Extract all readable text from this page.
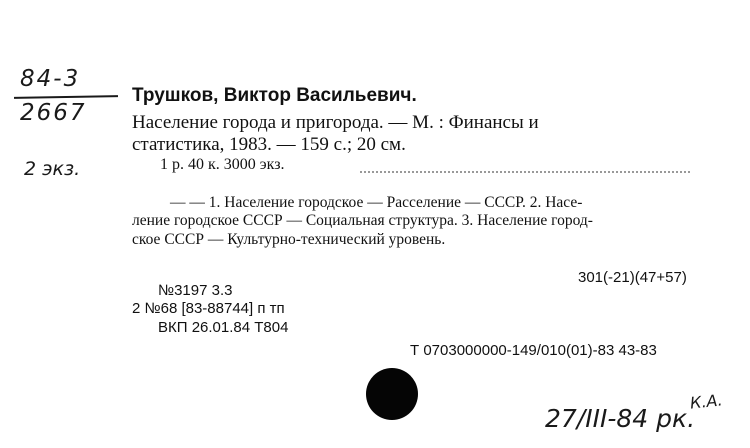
84-3
2667
2 экз.
Трушков, Виктор Васильевич.
Население города и пригорода. — М. : Финансы и
статистика, 1983. — 159 с.; 20 см.
1 р. 40 к. 3000 экз.
— — 1. Население городское — Расселение — СССР. 2. Насе-
ление городское СССР — Социальная структура. 3. Население город-
ское СССР — Культурно-технический уровень.
301(-21)(47+57)
№3197 3.3
2 №68 [83-88744] п тп
ВКП 26.01.84 Т804
Т 0703000000-149/010(01)-83 43-83
27/III-84 рк.
К.А.
